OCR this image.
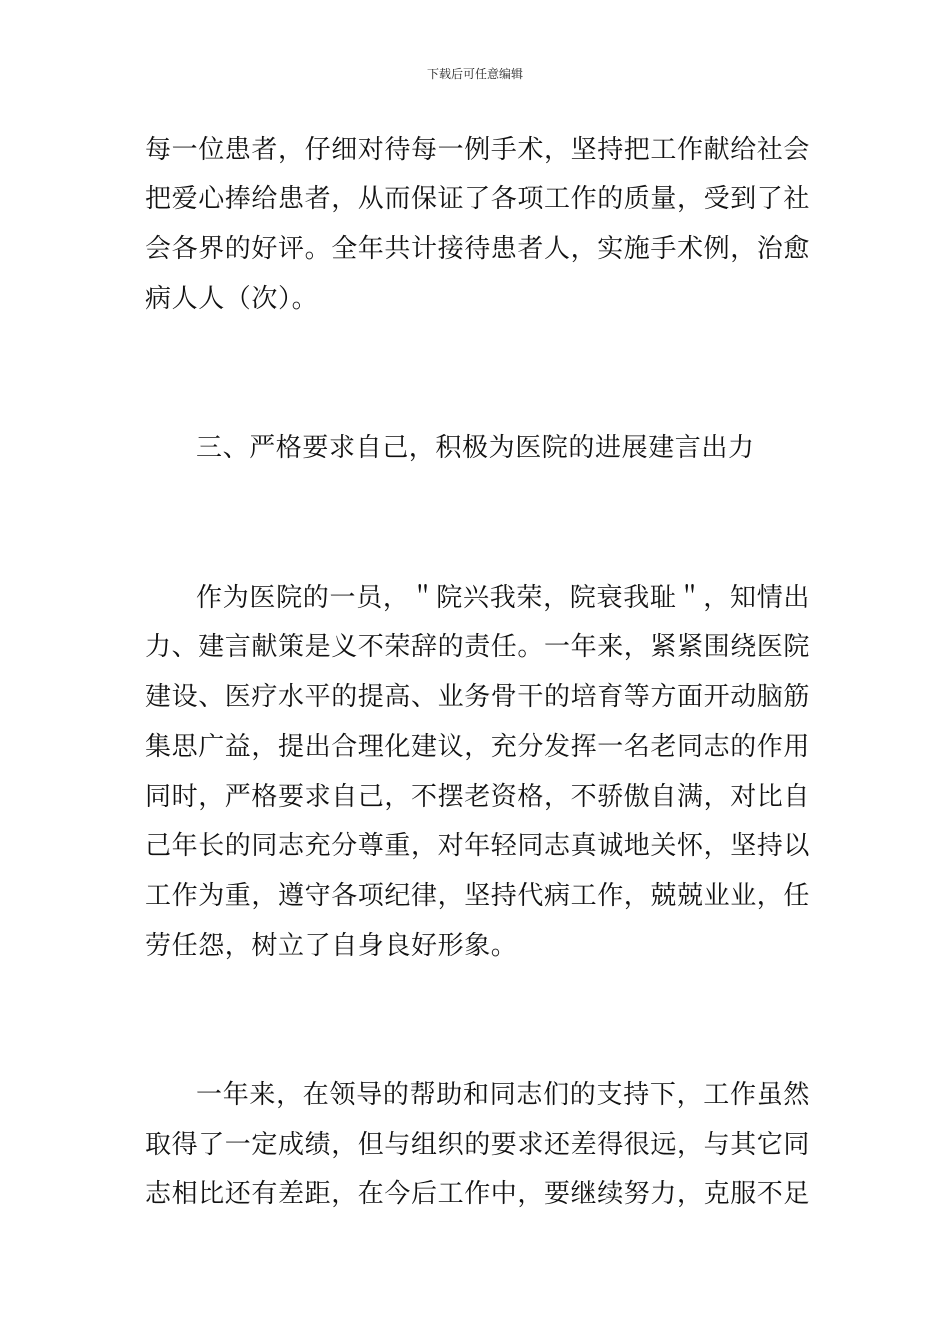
下载后可任意编辑
每一位患者，仔细对待每一例手术，坚持把工作献给社会
把爱心捧给患者，从而保证了各项工作的质量，受到了社
会各界的好评。全年共计接待患者人，实施手术例，治愈
病人人（次）。
三、严格要求自己，积极为医院的进展建言出力
作为医院的一员，＂院兴我荣，院衰我耻＂，知情出
力、建言献策是义不荣辞的责任。一年来，紧紧围绕医院
建设、医疗水平的提高、业务骨干的培育等方面开动脑筋
集思广益，提出合理化建议，充分发挥一名老同志的作用
同时，严格要求自己，不摆老资格，不骄傲自满，对比自
己年长的同志充分尊重，对年轻同志真诚地关怀，坚持以
工作为重，遵守各项纪律，坚持代病工作，兢兢业业，任
劳任怨，树立了自身良好形象。
一年来，在领导的帮助和同志们的支持下，工作虽然
取得了一定成绩，但与组织的要求还差得很远，与其它同
志相比还有差距，在今后工作中，要继续努力，克服不足
